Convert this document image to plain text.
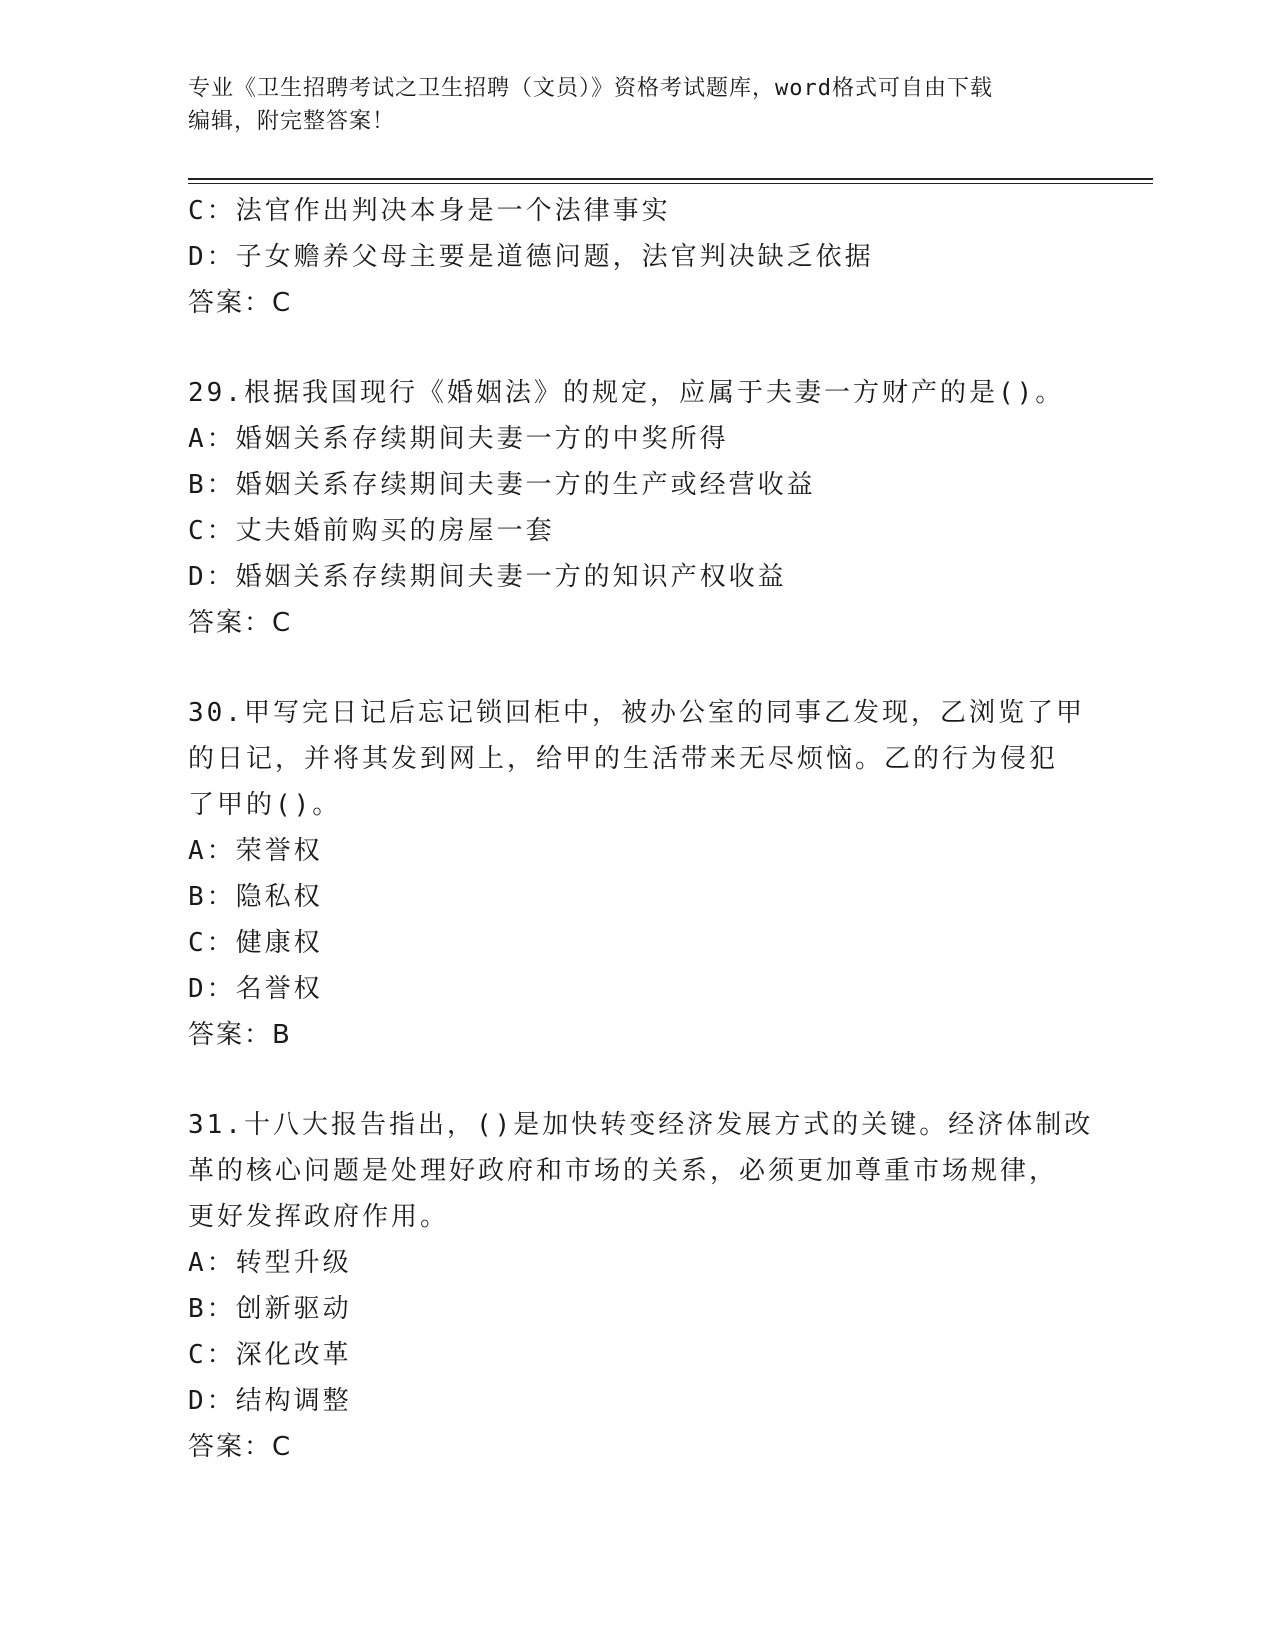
专业《卫生招聘考试之卫生招聘（文员）》资格考试题库，word格式可自由下载
编辑，附完整答案！
C：法官作出判决本身是一个法律事实
D：子女赡养父母主要是道德问题，法官判决缺乏依据
答案：C
29.根据我国现行《婚姻法》的规定，应属于夫妻一方财产的是()。
A：婚姻关系存续期间夫妻一方的中奖所得
B：婚姻关系存续期间夫妻一方的生产或经营收益
C：丈夫婚前购买的房屋一套
D：婚姻关系存续期间夫妻一方的知识产权收益
答案：C
30.甲写完日记后忘记锁回柜中，被办公室的同事乙发现，乙浏览了甲
的日记，并将其发到网上，给甲的生活带来无尽烦恼。乙的行为侵犯
了甲的()。
A：荣誉权
B：隐私权
C：健康权
D：名誉权
答案：B
31.十八大报告指出，()是加快转变经济发展方式的关键。经济体制改
革的核心问题是处理好政府和市场的关系，必须更加尊重市场规律，
更好发挥政府作用。
A：转型升级
B：创新驱动
C：深化改革
D：结构调整
答案：C
